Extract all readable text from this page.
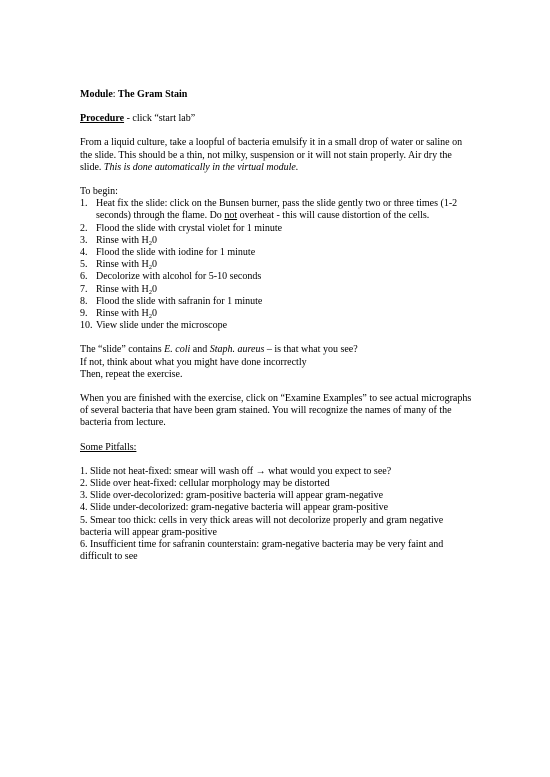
Module: The Gram Stain

Procedure - click “start lab”

From a liquid culture, take a loopful of bacteria emulsify it in a small drop of water or saline on the slide. This should be a thin, not milky, suspension or it will not stain properly. Air dry the slide. This is done automatically in the virtual module.

To begin:

1. Heat fix the slide: click on the Bunsen burner, pass the slide gently two or three times (1-2 seconds) through the flame. Do not overheat - this will cause distortion of the cells.
2. Flood the slide with crystal violet for 1 minute
3. Rinse with $H_20$
4. Flood the slide with iodine for 1 minute
5. Rinse with $H_20$
6. Decolorize with alcohol for 5-10 seconds
7. Rinse with $H_20$
8. Flood the slide with safranin for 1 minute
9. Rinse with $H_20$
10. View slide under the microscope

The “slide” contains E. coli and Staph. aureus – is that what you see?

If not, think about what you might have done incorrectly

Then, repeat the exercise.

When you are finished with the exercise, click on “Examine Examples” to see actual micrographs of several bacteria that have been gram stained. You will recognize the names of many of the bacteria from lecture.

Some Pitfalls:

1. Slide not heat-fixed: smear will wash off → what would you expect to see?

2. Slide over heat-fixed: cellular morphology may be distorted

3. Slide over-decolorized: gram-positive bacteria will appear gram-negative

4. Slide under-decolorized: gram-negative bacteria will appear gram-positive

5. Smear too thick: cells in very thick areas will not decolorize properly and gram negative bacteria will appear gram-positive

6. Insufficient time for safranin counterstain: gram-negative bacteria may be very faint and difficult to see
